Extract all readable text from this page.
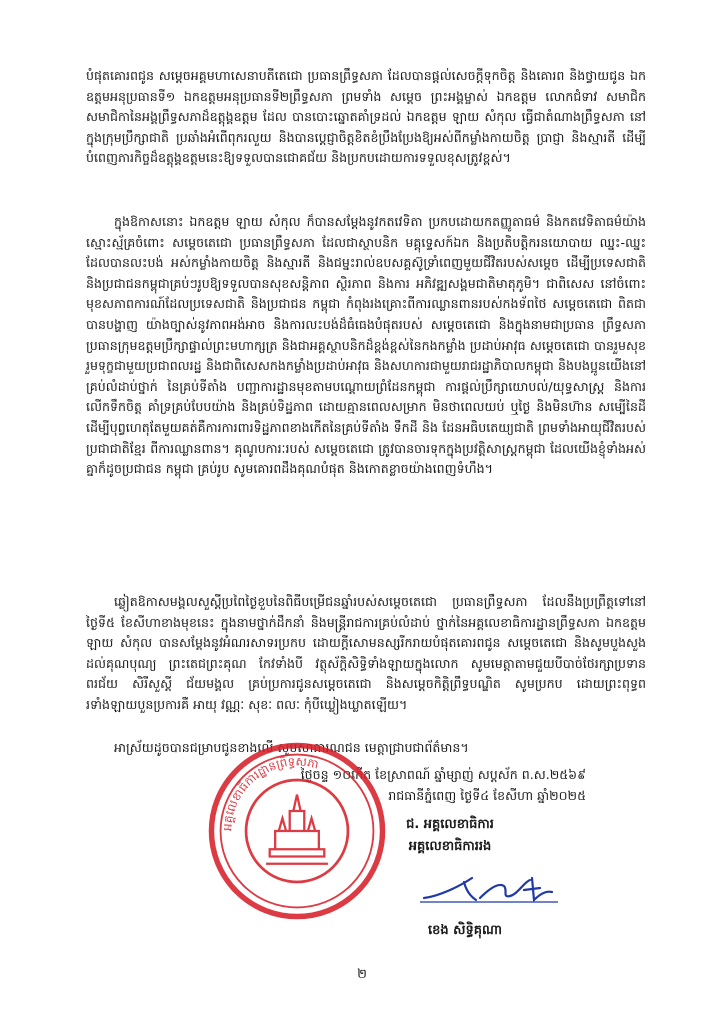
បំផុតគោរពជូន សម្តេចអគ្គមហាសេនាបតីតេជោ ប្រធានព្រឹទ្ធសភា ដែលបានផ្តល់សេចក្តីទុកចិត្ត និងគោរព និងថ្វាយជូន ឯកឧត្តមអនុប្រធានទី១ ឯកឧត្តមអនុប្រធានទី២ព្រឹទ្ធសភា ព្រមទាំង សម្តេច ព្រះអង្គម្ចាស់ ឯកឧត្តម លោកជំទាវ សមាជិក សមាជិកានៃអង្គព្រឹទ្ធសភាដ៏ឧត្តុង្គឧត្តម ដែល បានបោះឆ្នោតគាំទ្រដល់ ឯកឧត្តម ឡាយ សំកុល ធ្វើជាតំណាងព្រឹទ្ធសភា នៅក្នុងក្រុមប្រឹក្សាជាតិ ប្រឆាំងអំពើពុករលួយ និងបានប្តេជ្ញាចិត្តខិតខំប្រឹងប្រែងឱ្យអស់ពីកម្លាំងកាយចិត្ត ប្រាជ្ញា និងស្មារតី ដើម្បីបំពេញភារកិច្ចដ៏ឧត្តុង្គឧត្តមនេះឱ្យទទួលបានជោគជ័យ និងប្រកបដោយការទទួលខុសត្រូវខ្ពស់។

ក្នុងឱកាសនោះ ឯកឧត្តម ឡាយ សំកុល ក៏បានសម្តែងនូវកតវេទិតា ប្រកបដោយកតញ្ញូតាធម៌ និងកតវេទិតាធម៌យ៉ាងស្មោះស្ម័គ្រចំពោះ សម្តេចតេជោ ប្រធានព្រឹទ្ធសភា ដែលជាស្ថាបនិក មគ្គុទ្ទេសក៍ឯក និងប្រតិបត្តិករនយោបាយ ឈ្នះ-ឈ្នះ ដែលបានលះបង់ អស់កម្លាំងកាយចិត្ត និងស្មារតី និងជម្នះរាល់ឧបសគ្គស៊ូទ្រាំពេញមួយជីវិតរបស់សម្តេច ដើម្បីប្រទេសជាតិ និងប្រជាជនកម្ពុជាគ្រប់ៗរូបឱ្យទទួលបានសុខសន្តិភាព ស្ថិរភាព និងការ អភិវឌ្ឍសង្គមជាតិមាតុភូមិ។ ជាពិសេស នៅចំពោះមុខសភាពការណ៍ដែលប្រទេសជាតិ និងប្រជាជន កម្ពុជា កំពុងរងគ្រោះពីការឈ្លានពានរបស់កងទ័ពថៃ សម្តេចតេជោ ពិតជាបានបង្ហាញ យ៉ាងច្បាស់នូវភាពអង់អាច និងការលះបង់ដ៏ធំធេងបំផុតរបស់ សម្តេចតេជោ និងក្នុងនាមជាប្រធាន ព្រឹទ្ធសភា ប្រធានក្រុមឧត្តមប្រឹក្សាផ្ទាល់ព្រះមហាក្សត្រ និងជាអគ្គស្ថាបនិកដ៏ខ្ពង់ខ្ពស់នៃកងកម្លាំង ប្រដាប់អាវុធ សម្តេចតេជោ បានរួមសុខរួមទុក្ខជាមួយប្រជាពលរដ្ឋ និងជាពិសេសកងកម្លាំងប្រដាប់អាវុធ និងសហការជាមួយរាជរដ្ឋាភិបាលកម្ពុជា និងបងប្អូនយើងនៅគ្រប់លំដាប់ថ្នាក់ នៃគ្រប់ទីតាំង បញ្ជាការដ្ឋានមុខតាមបណ្តោយព្រំដែនកម្ពុជា ការផ្តល់ប្រឹក្សាយោបល់/យុទ្ធសាស្ត្រ និងការលើកទឹកចិត្ត គាំទ្រគ្រប់បែបយ៉ាង និងគ្រប់ទិដ្ឋភាព ដោយគ្មានពេលសម្រាក មិនថាពេលយប់ ឬថ្ងៃ និងមិនហ៊ាន សម្បើនៃដី ដើម្បីបុព្វហេតុតែមួយគត់គឺការការពារទិដ្ឋភាពខាងកើតនៃគ្រប់ទីតាំង ទឹកដី និង ដែនអធិបតេយ្យជាតិ ព្រមទាំងអាយុជីវិតរបស់ប្រជាជាតិខ្មែរ ពីការឈ្លានពាន។ គុណូបការៈរបស់ សម្តេចតេជោ ត្រូវបានចារទុកក្នុងប្រវត្តិសាស្ត្រកម្ពុជា ដែលយើងខ្ញុំទាំងអស់គ្នាក៏ដូចប្រជាជន កម្ពុជា គ្រប់រូប សូមគោរពដឹងគុណបំផុត និងកោតខ្លាចយ៉ាងពេញទំហឹង។

ឆ្លៀតឱកាសមង្គលសួស្តីប្រពៃថ្ងៃខួបនៃពិធីបម្រើជនឆ្នាំរបស់សម្តេចតេជោ ប្រធានព្រឹទ្ធសភា ដែលនឹងប្រព្រឹត្តទៅនៅថ្ងៃទី៥ ខែសីហាខាងមុខនេះ ក្នុងនាមថ្នាក់ដឹកនាំ និងមន្ត្រីរាជការគ្រប់លំដាប់ ថ្នាក់នៃអគ្គលេខាធិការដ្ឋានព្រឹទ្ធសភា ឯកឧត្តម ឡាយ សំកុល បានសម្តែងនូវអំណរសាទរប្រកប ដោយក្តីសោមនស្សរីករាយបំផុតគោរពជូន សម្តេចតេជោ និងសូមបួងសួងដល់គុណបុណ្យ ព្រះតេជព្រះគុណ កែវទាំងបី វត្ថុស័ក្តិសិទ្ធិទាំងឡាយក្នុងលោក សូមមេត្តាតាមជួយបីបាច់ថែរក្សាប្រទាន ពរជ័យ សិរីសួស្តី ជ័យមង្គល គ្រប់ប្រការជូនសម្តេចតេជោ និងសម្តេចកិត្តិព្រឹទ្ធបណ្ឌិត សូមប្រកប ដោយព្រះពុទ្ធពរទាំងឡាយបួនប្រការគឺ អាយុ វណ្ណៈ សុខៈ ពលៈ កុំបីឃ្លៀងឃ្លាតឡើយ។

អាស្រ័យដូចបានជម្រាបជូនខាងលើ សូមសាធារណជន មេត្តាជ្រាបជាព័ត៌មាន។

ថ្ងៃចន្ទ ១០កើត ខែស្រាពណ៍ ឆ្នាំម្សាញ់ សប្តស័ក ព.ស.២៥៦៩
រាជធានីភ្នំពេញ ថ្ងៃទី៤ ខែសីហា ឆ្នាំ២០២៥
អគ្គលេខាធិការដ្ឋានព្រឹទ្ធសភា
ជ. អគ្គលេខាធិការ
អគ្គលេខាធិការរង
ខេង សិទ្ធិគុណា
២
